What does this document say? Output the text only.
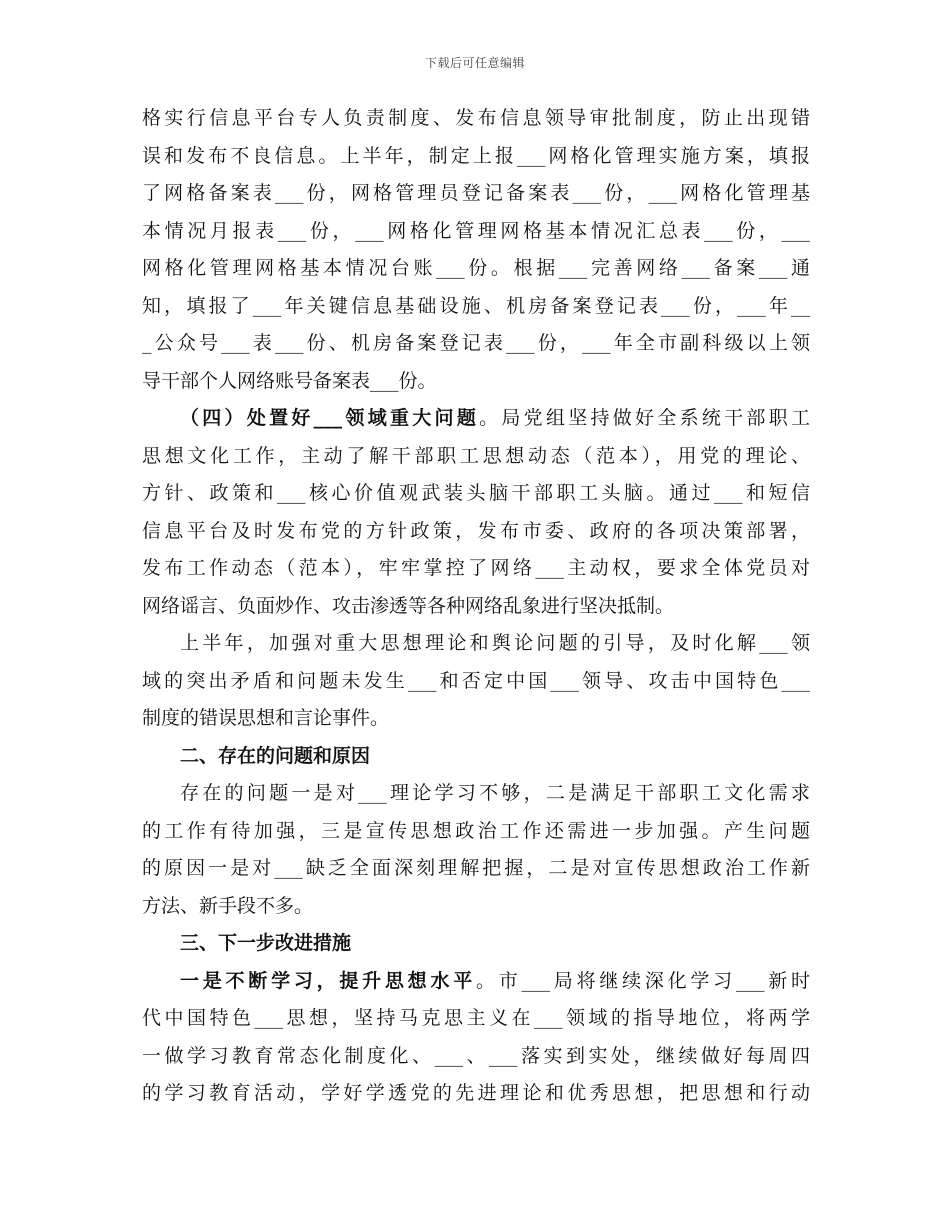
下载后可任意编辑
格实行信息平台专人负责制度、发布信息领导审批制度，防止出现错
误和发布不良信息。上半年，制定上报___网格化管理实施方案，填报
了网格备案表___份，网格管理员登记备案表___份，___网格化管理基
本情况月报表___份，___网格化管理网格基本情况汇总表___份，___
网格化管理网格基本情况台账___份。根据___完善网络___备案___通
知，填报了___年关键信息基础设施、机房备案登记表___份，___年__
_公众号___表___份、机房备案登记表___份，___年全市副科级以上领
导干部个人网络账号备案表___份。
（四）处置好___领域重大问题。局党组坚持做好全系统干部职工
思想文化工作，主动了解干部职工思想动态（范本），用党的理论、
方针、政策和___核心价值观武装头脑干部职工头脑。通过___和短信
信息平台及时发布党的方针政策，发布市委、政府的各项决策部署，
发布工作动态（范本），牢牢掌控了网络___主动权，要求全体党员对
网络谣言、负面炒作、攻击渗透等各种网络乱象进行坚决抵制。
上半年，加强对重大思想理论和舆论问题的引导，及时化解___领
域的突出矛盾和问题未发生___和否定中国___领导、攻击中国特色___
制度的错误思想和言论事件。
二、存在的问题和原因
存在的问题一是对___理论学习不够，二是满足干部职工文化需求
的工作有待加强，三是宣传思想政治工作还需进一步加强。产生问题
的原因一是对___缺乏全面深刻理解把握，二是对宣传思想政治工作新
方法、新手段不多。
三、下一步改进措施
一是不断学习，提升思想水平。市___局将继续深化学习___新时
代中国特色___思想，坚持马克思主义在___领域的指导地位，将两学
一做学习教育常态化制度化、___、___落实到实处，继续做好每周四
的学习教育活动，学好学透党的先进理论和优秀思想，把思想和行动
